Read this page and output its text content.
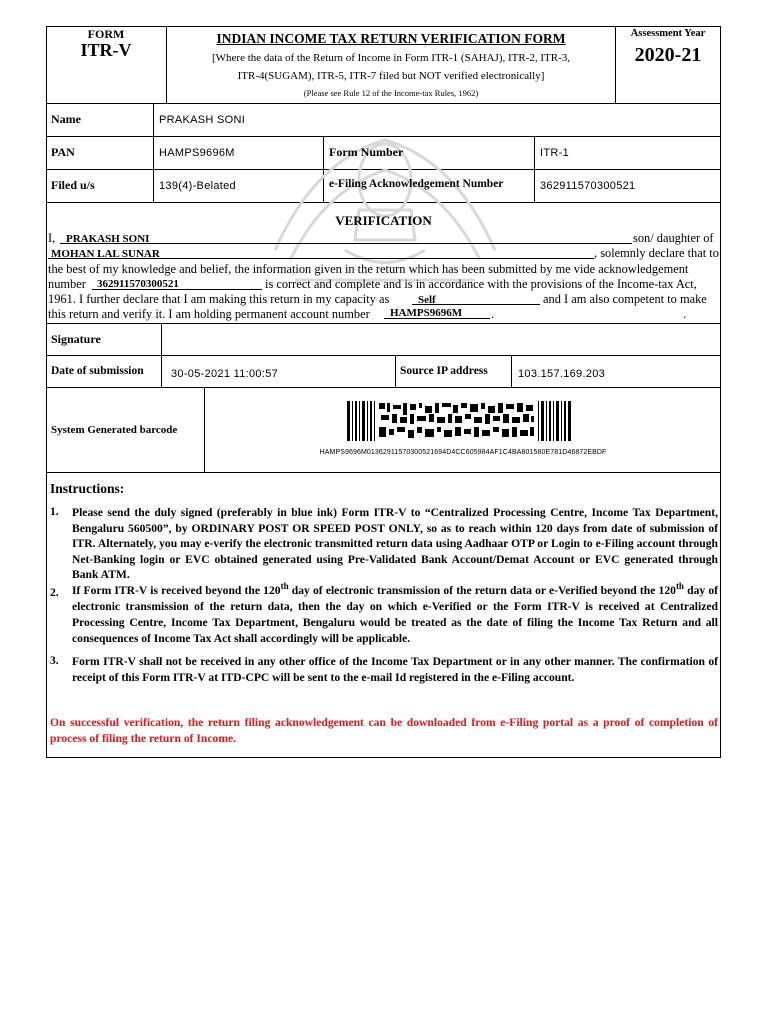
FORM
ITR-V
INDIAN INCOME TAX RETURN VERIFICATION FORM
[Where the data of the Return of Income in Form ITR-1 (SAHAJ), ITR-2, ITR-3,
ITR-4(SUGAM), ITR-5, ITR-7 filed but NOT verified electronically]
(Please see Rule 12 of the Income-tax Rules, 1962)
Assessment Year
2020-21
Name	PRAKASH SONI
PAN	HAMPS9696M	Form Number	ITR-1
Filed u/s	139(4)-Belated	e-Filing Acknowledgement Number	362911570300521
VERIFICATION
I, PRAKASH SONI	son/ daughter of
MOHAN LAL SUNAR	, solemnly declare that to
the best of my knowledge and belief, the information given in the return which has been submitted by me vide acknowledgement
number 362911570300521	is correct and complete and is in accordance with the provisions of the Income-tax Act,
1961. I further declare that I am making this return in my capacity as	Self	and I am also competent to make
this return and verify it. I am holding permanent account number HAMPS9696M .	.
Signature
Date of submission 30-05-2021 11:00:57	Source IP address	103.157.169.203
System Generated barcode
HAMPS9696M01362911570300521694D4CC605984AF1C4BA801580E781D46872EBDF
Instructions:
1. Please send the duly signed (preferably in blue ink) Form ITR-V to “Centralized Processing Centre, Income Tax Department, Bengaluru 560500”, by ORDINARY POST OR SPEED POST ONLY, so as to reach within 120 days from date of submission of ITR. Alternately, you may e-verify the electronic transmitted return data using Aadhaar OTP or Login to e-Filing account through Net-Banking login or EVC obtained generated using Pre-Validated Bank Account/Demat Account or EVC generated through Bank ATM.
2. If Form ITR-V is received beyond the 120th day of electronic transmission of the return data or e-Verified beyond the 120th day of electronic transmission of the return data, then the day on which e-Verified or the Form ITR-V is received at Centralized Processing Centre, Income Tax Department, Bengaluru would be treated as the date of filing the Income Tax Return and all consequences of Income Tax Act shall accordingly will be applicable.
3. Form ITR-V shall not be received in any other office of the Income Tax Department or in any other manner. The confirmation of receipt of this Form ITR-V at ITD-CPC will be sent to the e-mail Id registered in the e-Filing account.
On successful verification, the return filing acknowledgement can be downloaded from e-Filing portal as a proof of completion of process of filing the return of Income.
